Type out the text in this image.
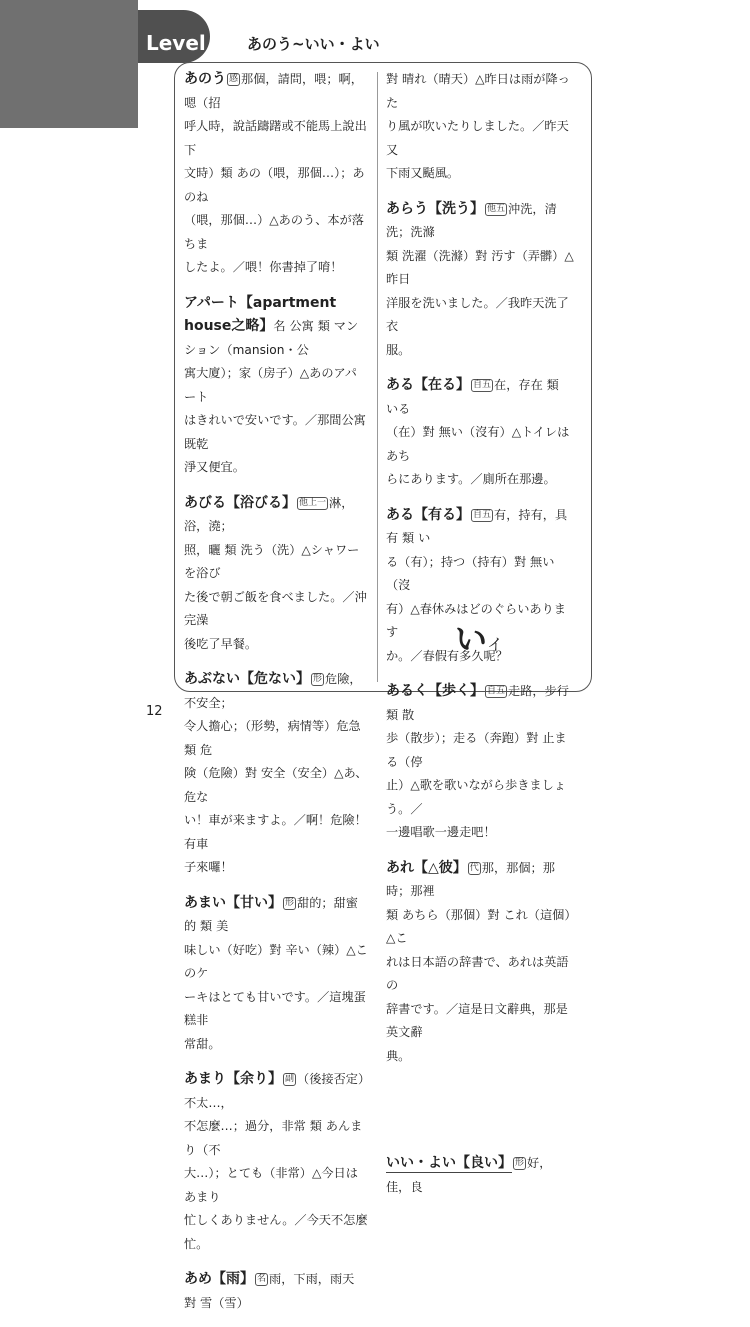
Level 05 あのう~いい・よい

あのう 感 那個，請問，喂；啊，嗯（招

呼人時，說話躊躇或不能馬上說出下

文時）類 あの（喂，那個…）；あのね

（喂，那個…）△あのう、本が落ちま

したよ。／喂！你書掉了唷！

アパート【apartment house之略】名 公寓 類 マンション（mansion・公

寓大廈）；家（房子）△あのアパート

はきれいで安いです。／那間公寓既乾

淨又便宜。

あびる【浴びる】 他上一 淋，浴，澆；

照，曬 類 洗う（洗）△シャワーを浴び

た後で朝ご飯を食べました。／沖完澡

後吃了早餐。

あぶない【危ない】 形 危險，不安全；

令人擔心；（形勢，病情等）危急 類 危

険（危險）對 安全（安全）△あ、危な

い！車が来ますよ。／啊！危險！有車

子來囉！

あまい【甘い】 形 甜的；甜蜜的 類 美

味しい（好吃）對 辛い（辣）△このケ

ーキはとても甘いです。／這塊蛋糕非

常甜。

あまり【余り】 副 （後接否定）不太…，

不怎麼…；過分，非常 類 あんまり（不

大…）；とても（非常）△今日はあまり

忙しくありません。／今天不怎麼忙。

あめ【雨】 名 雨，下雨，雨天 對 雪（雪）

對 晴れ（晴天）△昨日は雨が降った

り風が吹いたりしました。／昨天又

下雨又颳風。

あらう【洗う】 他五 沖洗，清洗；洗滌

類 洗濯（洗滌）對 汚す（弄髒）△昨日

洋服を洗いました。／我昨天洗了衣

服。

ある【在る】 自五 在，存在 類 いる

（在）對 無い（沒有）△トイレはあち

らにあります。／廁所在那邊。

ある【有る】 自五 有，持有，具有 類 い

る（有）；持つ（持有）對 無い（沒

有）△春休みはどのぐらいあります

か。／春假有多久呢？

あるく【歩く】 自五 走路，步行 類 散

歩（散步）；走る（奔跑）對 止まる（停

止）△歌を歌いながら歩きましょう。／

一邊唱歌一邊走吧！

あれ【△彼】 代 那，那個；那時；那裡

類 あちら（那個）對 これ（這個）△こ

れは日本語の辞書で、あれは英語の

辞書です。／這是日文辭典，那是英文辭

典。

いい・よい【良い】 形 好，佳，良

いイ
12
